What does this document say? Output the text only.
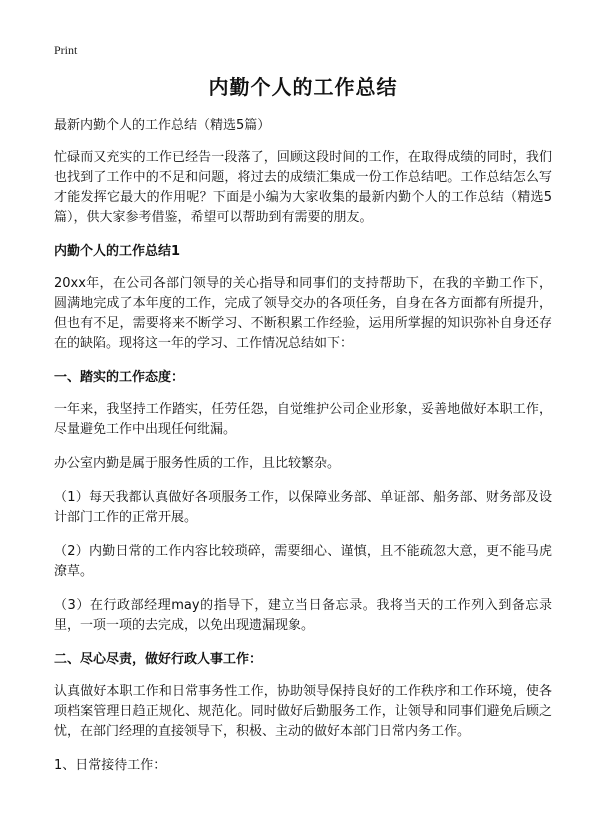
Print
内勤个人的工作总结

最新内勤个人的工作总结（精选5篇）

忙碌而又充实的工作已经告一段落了，回顾这段时间的工作，在取得成绩的同时，我们也找到了工作中的不足和问题，将过去的成绩汇集成一份工作总结吧。工作总结怎么写才能发挥它最大的作用呢？下面是小编为大家收集的最新内勤个人的工作总结（精选5篇），供大家参考借鉴，希望可以帮助到有需要的朋友。

内勤个人的工作总结1

20xx年，在公司各部门领导的关心指导和同事们的支持帮助下，在我的辛勤工作下，圆满地完成了本年度的工作，完成了领导交办的各项任务，自身在各方面都有所提升，但也有不足，需要将来不断学习、不断积累工作经验，运用所掌握的知识弥补自身还存在的缺陷。现将这一年的学习、工作情况总结如下：

一、踏实的工作态度：

一年来，我坚持工作踏实，任劳任怨，自觉维护公司企业形象，妥善地做好本职工作，尽量避免工作中出现任何纰漏。

办公室内勤是属于服务性质的工作，且比较繁杂。

（1）每天我都认真做好各项服务工作，以保障业务部、单证部、船务部、财务部及设计部门工作的正常开展。

（2）内勤日常的工作内容比较琐碎，需要细心、谨慎，且不能疏忽大意，更不能马虎潦草。

（3）在行政部经理may的指导下，建立当日备忘录。我将当天的工作列入到备忘录里，一项一项的去完成，以免出现遗漏现象。

二、尽心尽责，做好行政人事工作：

认真做好本职工作和日常事务性工作，协助领导保持良好的工作秩序和工作环境，使各项档案管理日趋正规化、规范化。同时做好后勤服务工作，让领导和同事们避免后顾之忧，在部门经理的直接领导下，积极、主动的做好本部门日常内务工作。

1、日常接待工作：
